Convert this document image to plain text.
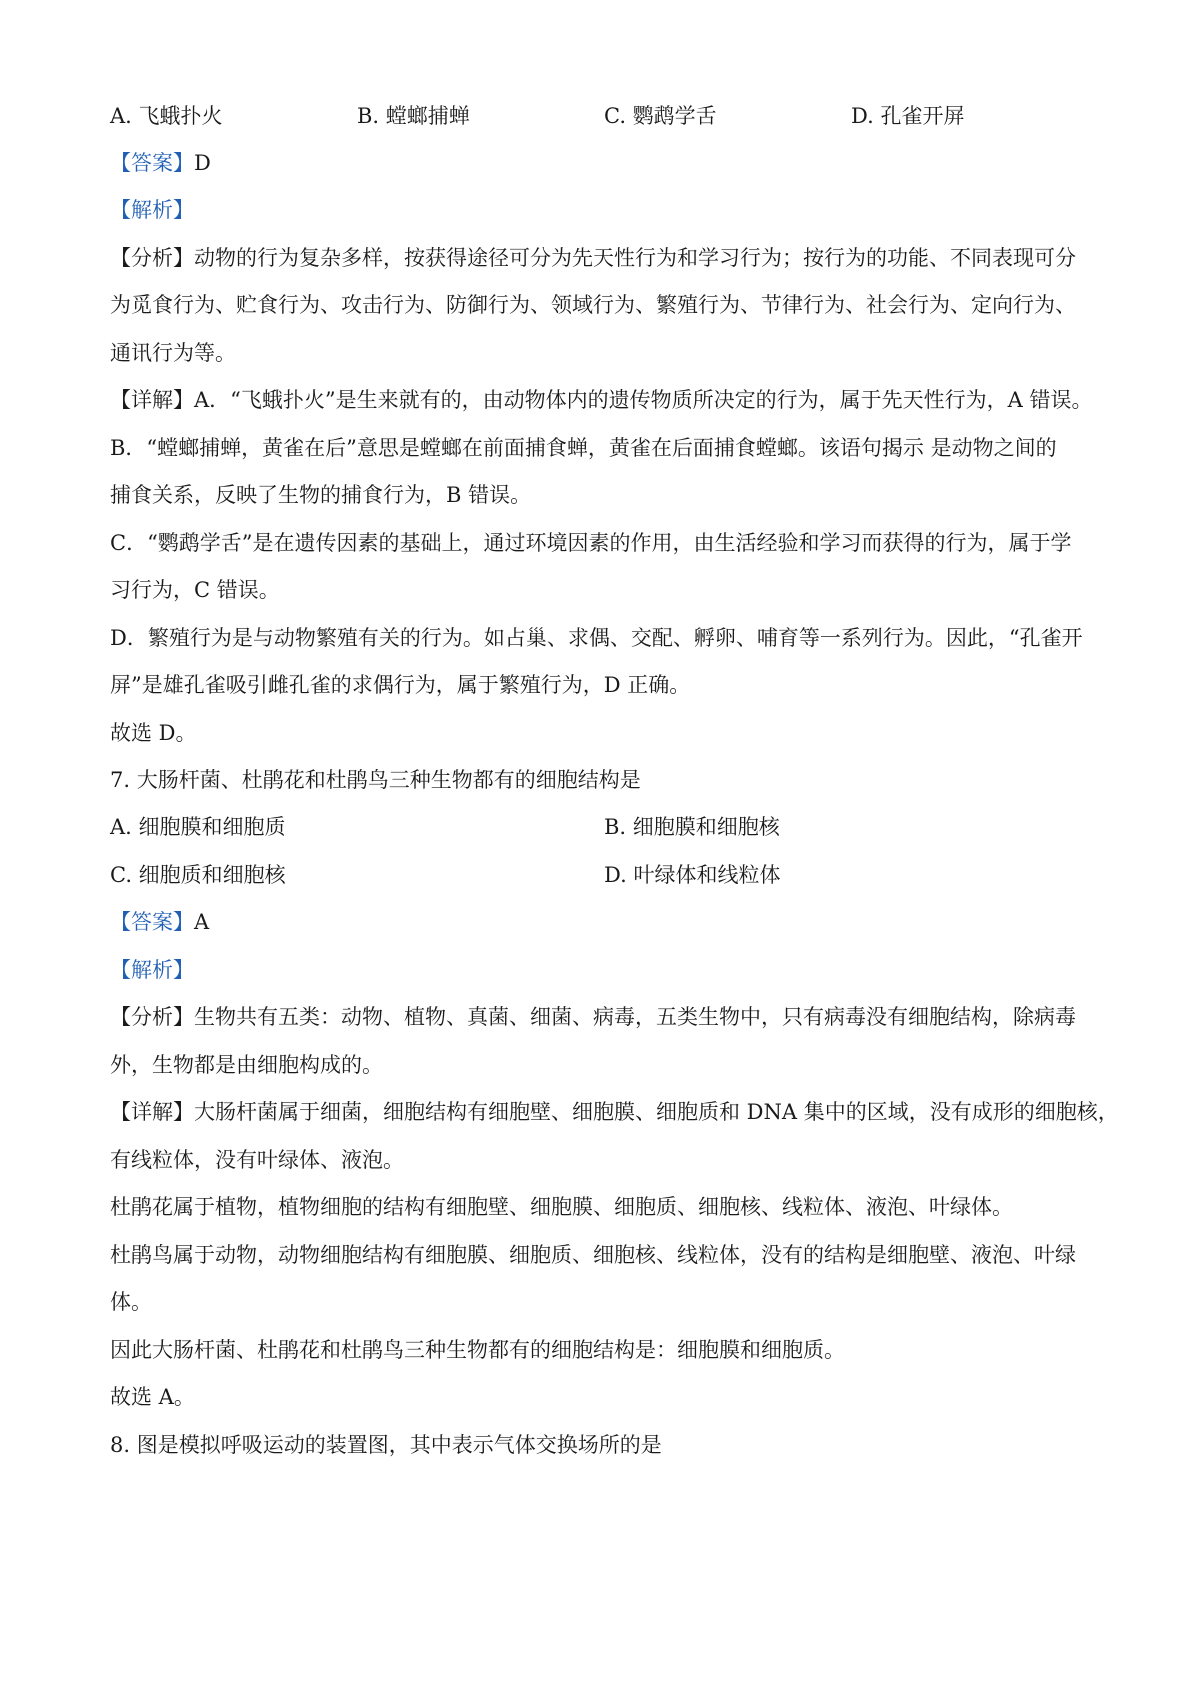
A. 飞蛾扑火	B. 螳螂捕蝉	C. 鹦鹉学舌	D. 孔雀开屏
【答案】D
【解析】
【分析】动物的行为复杂多样，按获得途径可分为先天性行为和学习行为；按行为的功能、不同表现可分
为觅食行为、贮食行为、攻击行为、防御行为、领域行为、繁殖行为、节律行为、社会行为、定向行为、
通讯行为等。
【详解】A．“飞蛾扑火”是生来就有的，由动物体内的遗传物质所决定的行为，属于先天性行为，A 错误。
B．“螳螂捕蝉，黄雀在后”意思是螳螂在前面捕食蝉，黄雀在后面捕食螳螂。该语句揭示 是动物之间的
捕食关系，反映了生物的捕食行为，B 错误。
C．“鹦鹉学舌”是在遗传因素的基础上，通过环境因素的作用，由生活经验和学习而获得的行为，属于学
习行为，C 错误。
D．繁殖行为是与动物繁殖有关的行为。如占巢、求偶、交配、孵卵、哺育等一系列行为。因此，“孔雀开
屏”是雄孔雀吸引雌孔雀的求偶行为，属于繁殖行为，D 正确。
故选 D。
7. 大肠杆菌、杜鹃花和杜鹃鸟三种生物都有的细胞结构是
A. 细胞膜和细胞质	B. 细胞膜和细胞核
C. 细胞质和细胞核	D. 叶绿体和线粒体
【答案】A
【解析】
【分析】生物共有五类：动物、植物、真菌、细菌、病毒，五类生物中，只有病毒没有细胞结构，除病毒
外，生物都是由细胞构成的。
【详解】大肠杆菌属于细菌，细胞结构有细胞壁、细胞膜、细胞质和 DNA 集中的区域，没有成形的细胞核，
有线粒体，没有叶绿体、液泡。
杜鹃花属于植物，植物细胞的结构有细胞壁、细胞膜、细胞质、细胞核、线粒体、液泡、叶绿体。
杜鹃鸟属于动物，动物细胞结构有细胞膜、细胞质、细胞核、线粒体，没有的结构是细胞壁、液泡、叶绿
体。
因此大肠杆菌、杜鹃花和杜鹃鸟三种生物都有的细胞结构是：细胞膜和细胞质。
故选 A。
8. 图是模拟呼吸运动的装置图，其中表示气体交换场所的是
